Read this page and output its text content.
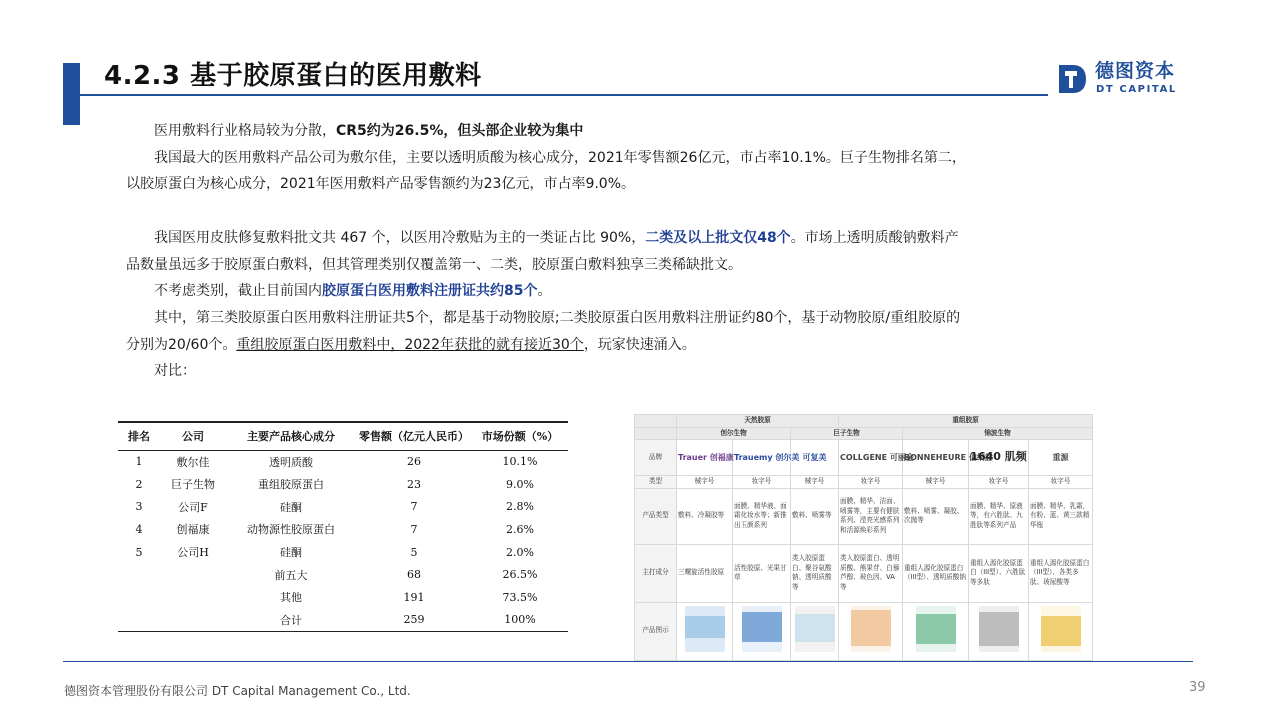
4.2.3 基于胶原蛋白的医用敷料	德图资本
DT CAPITAL

医用敷料行业格局较为分散，CR5约为26.5%，但头部企业较为集中

我国最大的医用敷料产品公司为敷尔佳，主要以透明质酸为核心成分，2021年零售额26亿元，市占率10.1%。巨子生物排名第二，

以胶原蛋白为核心成分，2021年医用敷料产品零售额约为23亿元，市占率9.0%。

我国医用皮肤修复敷料批文共 467 个，以医用冷敷贴为主的一类证占比 90%，二类及以上批文仅48个。市场上透明质酸钠敷料产

品数量虽远多于胶原蛋白敷料，但其管理类别仅覆盖第一、二类，胶原蛋白敷料独享三类稀缺批文。

不考虑类别，截止目前国内胶原蛋白医用敷料注册证共约85个。

其中，第三类胶原蛋白医用敷料注册证共5个，都是基于动物胶原;二类胶原蛋白医用敷料注册证约80个，基于动物胶原/重组胶原的

分别为20/60个。重组胶原蛋白医用敷料中，2022年获批的就有接近30个，玩家快速涌入。

对比：

排名	公司	主要产品核心成分	零售额（亿元人民币）	市场份额（%）
1	敷尔佳	透明质酸	26	10.1%
2	巨子生物	重组胶原蛋白	23	9.0%
3	公司F	硅酮	7	2.8%
4	创福康	动物源性胶原蛋白	7	2.6%
5	公司H	硅酮	5	2.0%
		前五大	68	26.5%
		其他	191	73.5%
		合计	259	100%
	天然胶原			重组胶原			
	创尔生物		巨子生物		锦波生物		
品牌	Trauer 创福康	Trauemy 创尔美	可复美	COLLGENE 可丽金	BONNEHEURE 伯纳赫	1640 肌频	重源
类型	械字号	妆字号	械字号	妆字号	械字号	妆字号	妆字号
产品类型	敷料、冷凝胶等	面膜、精华液、面霜化妆水等；新推出玉颜系列	敷料、喷雾等	面膜、精华、洁面、喷雾等，主要有健肤系列、滢亮光感系列和活源焕彩系列	敷料、喷雾、凝胶、次抛等	面膜、精华、原液等，有六胜肽、九胜肽等系列产品	面膜、精华、乳霜，有粉、蓝、黄三款精华瓶
主打成分	三螺旋活性胶原	活性胶原、光果甘草	类人胶原蛋白、聚谷氨酸钠、透明质酸等	类人胶原蛋白、透明质酸、熊果苷、白藜芦醇、玻色因、VA等	重组人源化胶原蛋白（III型）、透明质酸钠	重组人源化胶原蛋白（III型）、六胜肽等多肽	重组人源化胶原蛋白（III型）、各类多肽、玻尿酸等
产品图示	

德图资本管理股份有限公司 DT Capital Management Co., Ltd.	39
